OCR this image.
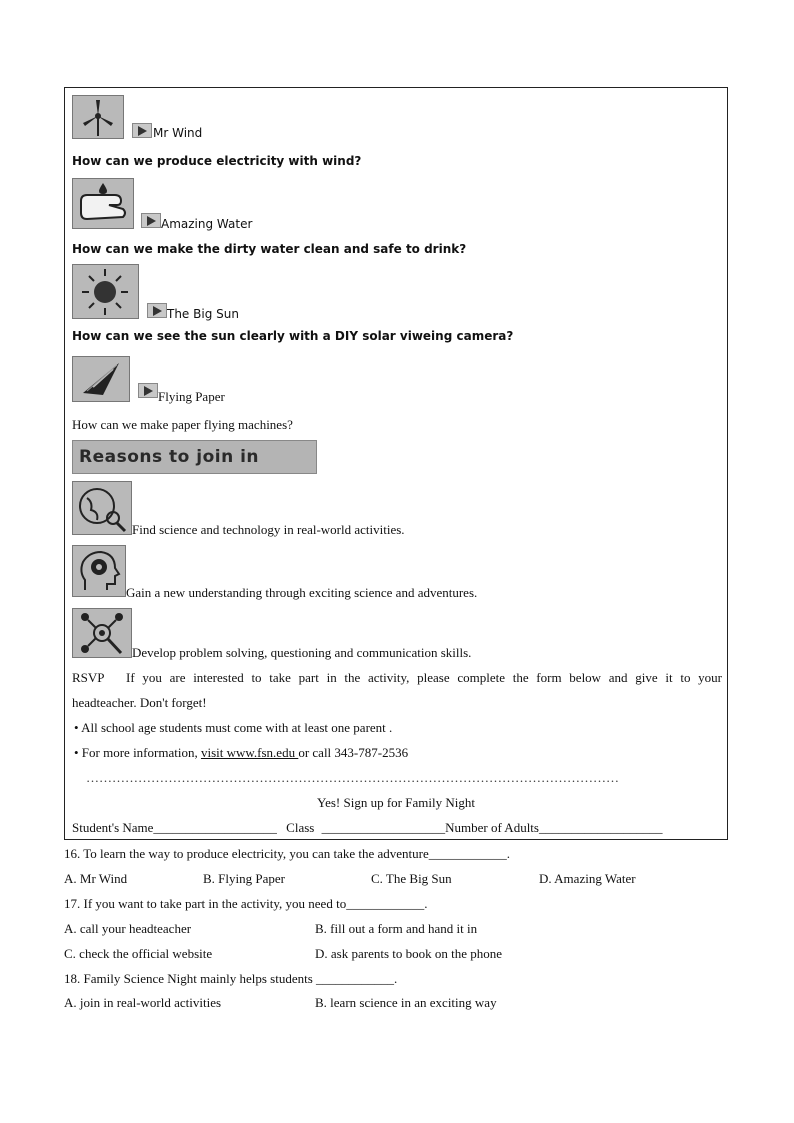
Mr Wind
How can we produce electricity with wind?
Amazing Water
How can we make the dirty water clean and safe to drink?
The Big Sun
How can we see the sun clearly with a DIY solar viweing camera?
Flying Paper
How can we make paper flying machines?
Reasons to join in
Find science and technology in real-world activities.
Gain a new understanding through exciting science and adventures.
Develop problem solving, questioning and communication skills.
RSVP If you are interested to take part in the activity, please complete the form below and give it to your
headteacher. Don't forget!
• All school age students must come with at least one parent .
• For more information, visit www.fsn.edu or call 343-787-2536
……………………………………………………………………………………………………………
Yes! Sign up for Family Night
Student's Name___________________ Class ___________________Number of Adults___________________
16. To learn the way to produce electricity, you can take the adventure____________.
A. Mr Wind	B. Flying Paper	C. The Big Sun	D. Amazing Water
17. If you want to take part in the activity, you need to____________.
A. call your headteacher	B. fill out a form and hand it in
C. check the official website	D. ask parents to book on the phone
18. Family Science Night mainly helps students ____________.
A. join in real-world activities	B. learn science in an exciting way
